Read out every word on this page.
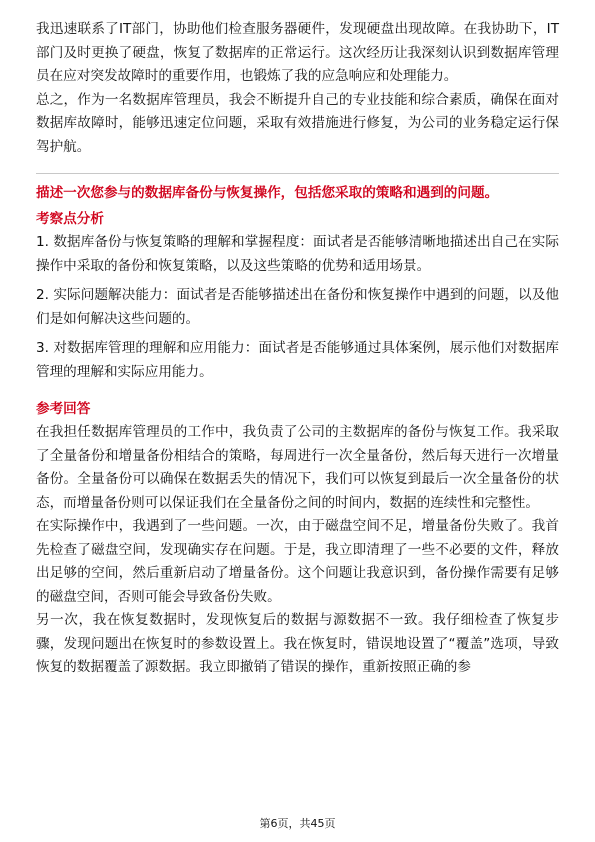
我迅速联系了IT部门，协助他们检查服务器硬件，发现硬盘出现故障。在我协助下，IT部门及时更换了硬盘，恢复了数据库的正常运行。这次经历让我深刻认识到数据库管理员在应对突发故障时的重要作用，也锻炼了我的应急响应和处理能力。

总之，作为一名数据库管理员，我会不断提升自己的专业技能和综合素质，确保在面对数据库故障时，能够迅速定位问题，采取有效措施进行修复，为公司的业务稳定运行保驾护航。

描述一次您参与的数据库备份与恢复操作，包括您采取的策略和遇到的问题。

考察点分析

1. 数据库备份与恢复策略的理解和掌握程度：面试者是否能够清晰地描述出自己在实际操作中采取的备份和恢复策略，以及这些策略的优势和适用场景。

2. 实际问题解决能力：面试者是否能够描述出在备份和恢复操作中遇到的问题，以及他们是如何解决这些问题的。

3. 对数据库管理的理解和应用能力：面试者是否能够通过具体案例，展示他们对数据库管理的理解和实际应用能力。

参考回答

在我担任数据库管理员的工作中，我负责了公司的主数据库的备份与恢复工作。我采取了全量备份和增量备份相结合的策略，每周进行一次全量备份，然后每天进行一次增量备份。全量备份可以确保在数据丢失的情况下，我们可以恢复到最后一次全量备份的状态，而增量备份则可以保证我们在全量备份之间的时间内，数据的连续性和完整性。

在实际操作中，我遇到了一些问题。一次，由于磁盘空间不足，增量备份失败了。我首先检查了磁盘空间，发现确实存在问题。于是，我立即清理了一些不必要的文件，释放出足够的空间，然后重新启动了增量备份。这个问题让我意识到，备份操作需要有足够的磁盘空间，否则可能会导致备份失败。

另一次，我在恢复数据时，发现恢复后的数据与源数据不一致。我仔细检查了恢复步骤，发现问题出在恢复时的参数设置上。我在恢复时，错误地设置了“覆盖”选项，导致恢复的数据覆盖了源数据。我立即撤销了错误的操作，重新按照正确的参

第6页，共45页
